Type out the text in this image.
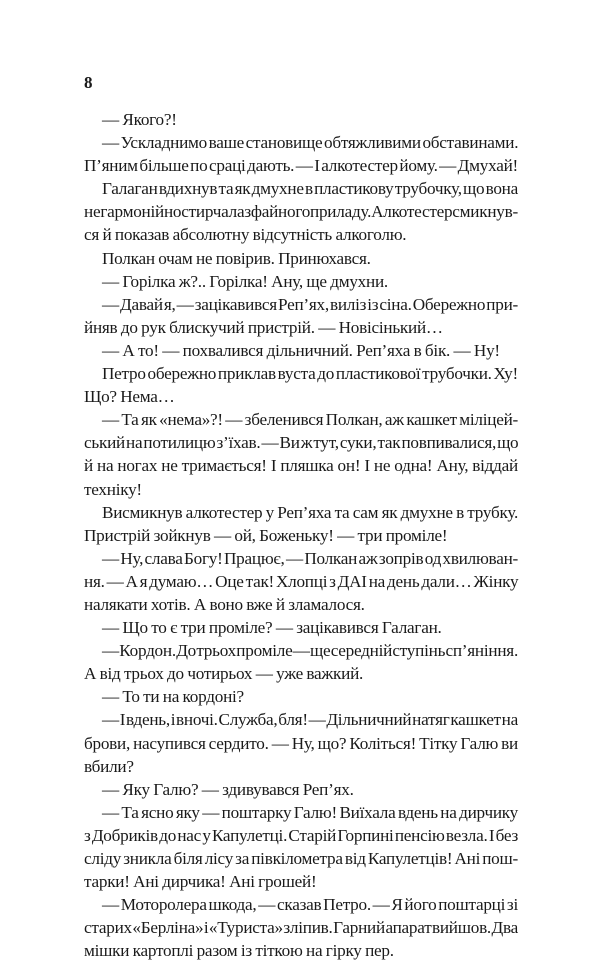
8

— Якого?!
— Ускладнимо ваше становище обтяжливими обставинами.
П’яним більше по сраці дають. — І алкотестер йому. — Дмухай!
Галаган вдихнув та як дмухне в пластикову трубочку, що вона
негармонійно стирчала з файного приладу. Алкотестер смикнув-
ся й показав абсолютну відсутність алкоголю.
Полкан очам не повірив. Принюхався.
— Горілка ж?.. Горілка! Ану, ще дмухни.
— Давай я, — зацікавився Реп’ях, виліз із сіна. Обережно при-
йняв до рук блискучий пристрій. — Новісінький…
— А то! — похвалився дільничний. Реп’яха в бік. — Ну!
Петро обережно приклав вуста до пластикової трубочки. Ху!
Що? Нема…
— Та як «нема»?! — збеленився Полкан, аж кашкет міліцей-
ський на потилицю з’їхав. — Ви ж тут, суки, так повпивалися, що
й на ногах не тримається! І пляшка он! І не одна! Ану, віддай
техніку!
Висмикнув алкотестер у Реп’яха та сам як дмухне в трубку.
Пристрій зойкнув — ой, Боженьку! — три проміле!
— Ну, слава Богу! Працює, — Полкан аж зопрів од хвилюван-
ня. — А я думаю… Оце так! Хлопці з ДАІ на день дали… Жінку
налякати хотів. А воно вже й зламалося.
— Що то є три проміле? — зацікавився Галаган.
— Кордон. До трьох проміле — ще середній ступінь сп’яніння.
А від трьох до чотирьох — уже важкий.
— То ти на кордоні?
— І вдень, і вночі. Служба, бля! — Дільничний натяг кашкет на
брови, насупився сердито. — Ну, що? Коліться! Тітку Галю ви
вбили?
— Яку Галю? — здивувався Реп’ях.
— Та ясно яку — поштарку Галю! Виїхала вдень на дирчику
з Добриків до нас у Капулетці. Старій Горпині пенсію везла. І без
сліду зникла біля лісу за півкілометра від Капулетців! Ані пош-
тарки! Ані дирчика! Ані грошей!
— Моторолера шкода, — сказав Петро. — Я його поштарці зі
старих «Берліна» і «Туриста» зліпив. Гарний апарат вийшов. Два
мішки картоплі разом із тіткою на гірку пер.
